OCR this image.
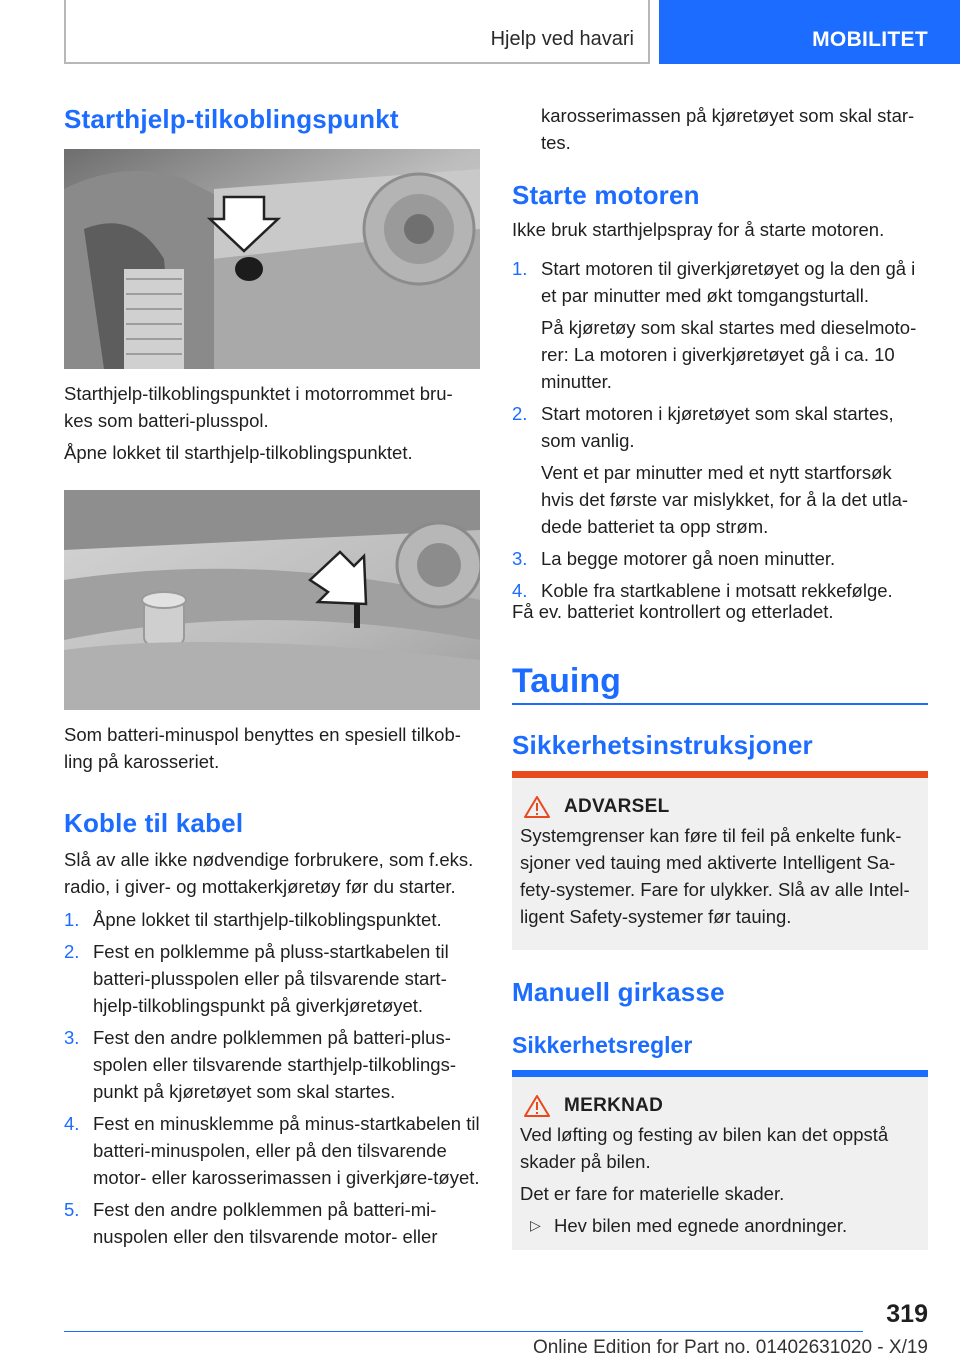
Hjelp ved havari	MOBILITET
Starthjelp-tilkoblingspunkt

Starthjelp-tilkoblingspunktet i motorrommet bru-kes som batteri-plusspol.

Åpne lokket til starthjelp-tilkoblingspunktet.

Som batteri-minuspol benyttes en spesiell tilkob-ling på karosseriet.

Koble til kabel

Slå av alle ikke nødvendige forbrukere, som f.eks. radio, i giver- og mottakerkjøretøy før du starter.

1. Åpne lokket til starthjelp-tilkoblingspunktet.
2. Fest en polklemme på pluss-startkabelen til batteri-plusspolen eller på tilsvarende start-hjelp-tilkoblingspunkt på giverkjøretøyet.
3. Fest den andre polklemmen på batteri-plus-spolen eller tilsvarende starthjelp-tilkoblings-punkt på kjøretøyet som skal startes.
4. Fest en minusklemme på minus-startkabelen til batteri-minuspolen, eller på den tilsvarende motor- eller karosserimassen i giverkjøre-tøyet.
5. Fest den andre polklemmen på batteri-mi-nuspolen eller den tilsvarende motor- eller

karosserimassen på kjøretøyet som skal star-tes.

Starte motoren

Ikke bruk starthjelpspray for å starte motoren.

1. Start motoren til giverkjøretøyet og la den gå i et par minutter med økt tomgangsturtall.

På kjøretøy som skal startes med dieselmoto-rer: La motoren i giverkjøretøyet gå i ca. 10 minutter.

2. Start motoren i kjøretøyet som skal startes, som vanlig.

Vent et par minutter med et nytt startforsøk hvis det første var mislykket, for å la det utla-dede batteriet ta opp strøm.

3. La begge motorer gå noen minutter.
4. Koble fra startkablene i motsatt rekkefølge.

Få ev. batteriet kontrollert og etterladet.

Tauing
Sikkerhetsinstruksjoner
ADVARSEL

Systemgrenser kan føre til feil på enkelte funk-sjoner ved tauing med aktiverte Intelligent Sa-fety-systemer. Fare for ulykker. Slå av alle Intel-ligent Safety-systemer før tauing.

Manuell girkasse
Sikkerhetsregler
MERKNAD

Ved løfting og festing av bilen kan det oppstå skader på bilen.

Det er fare for materielle skader.

▷ Hev bilen med egnede anordninger.
319
Online Edition for Part no. 01402631020 - X/19
